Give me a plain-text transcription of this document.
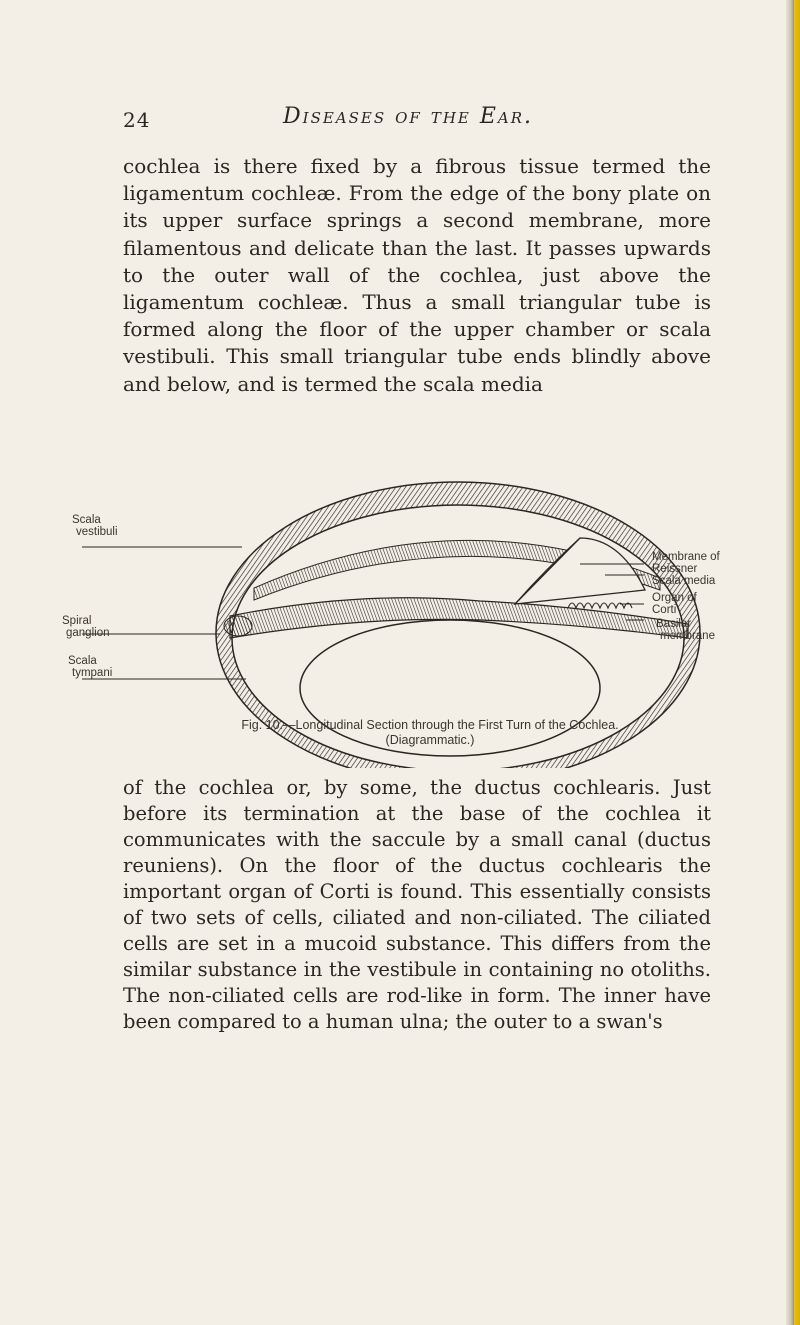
24	Diseases of the Ear.

cochlea is there fixed by a fibrous tissue termed the ligamentum cochleæ. From the edge of the bony plate on its upper surface springs a second membrane, more filamentous and delicate than the last. It passes upwards to the outer wall of the cochlea, just above the ligamentum cochleæ. Thus a small triangular tube is formed along the floor of the upper chamber or scala vestibuli. This small triangular tube ends blindly above and below, and is termed the scala media

Scala
vestibuli
Spiral
ganglion
Scala
tympani
Membrane of
Reissner
Scala media
Organ of
Corti
Basilar
membrane
Fig. 10.—Longitudinal Section through the First Turn of the Cochlea.
(Diagrammatic.)

of the cochlea or, by some, the ductus cochlearis. Just before its termination at the base of the cochlea it communicates with the saccule by a small canal (ductus reuniens). On the floor of the ductus cochlearis the important organ of Corti is found. This essentially consists of two sets of cells, ciliated and non-ciliated. The ciliated cells are set in a mucoid substance. This differs from the similar substance in the vestibule in containing no otoliths. The non-ciliated cells are rod-like in form. The inner have been compared to a human ulna; the outer to a swan's
